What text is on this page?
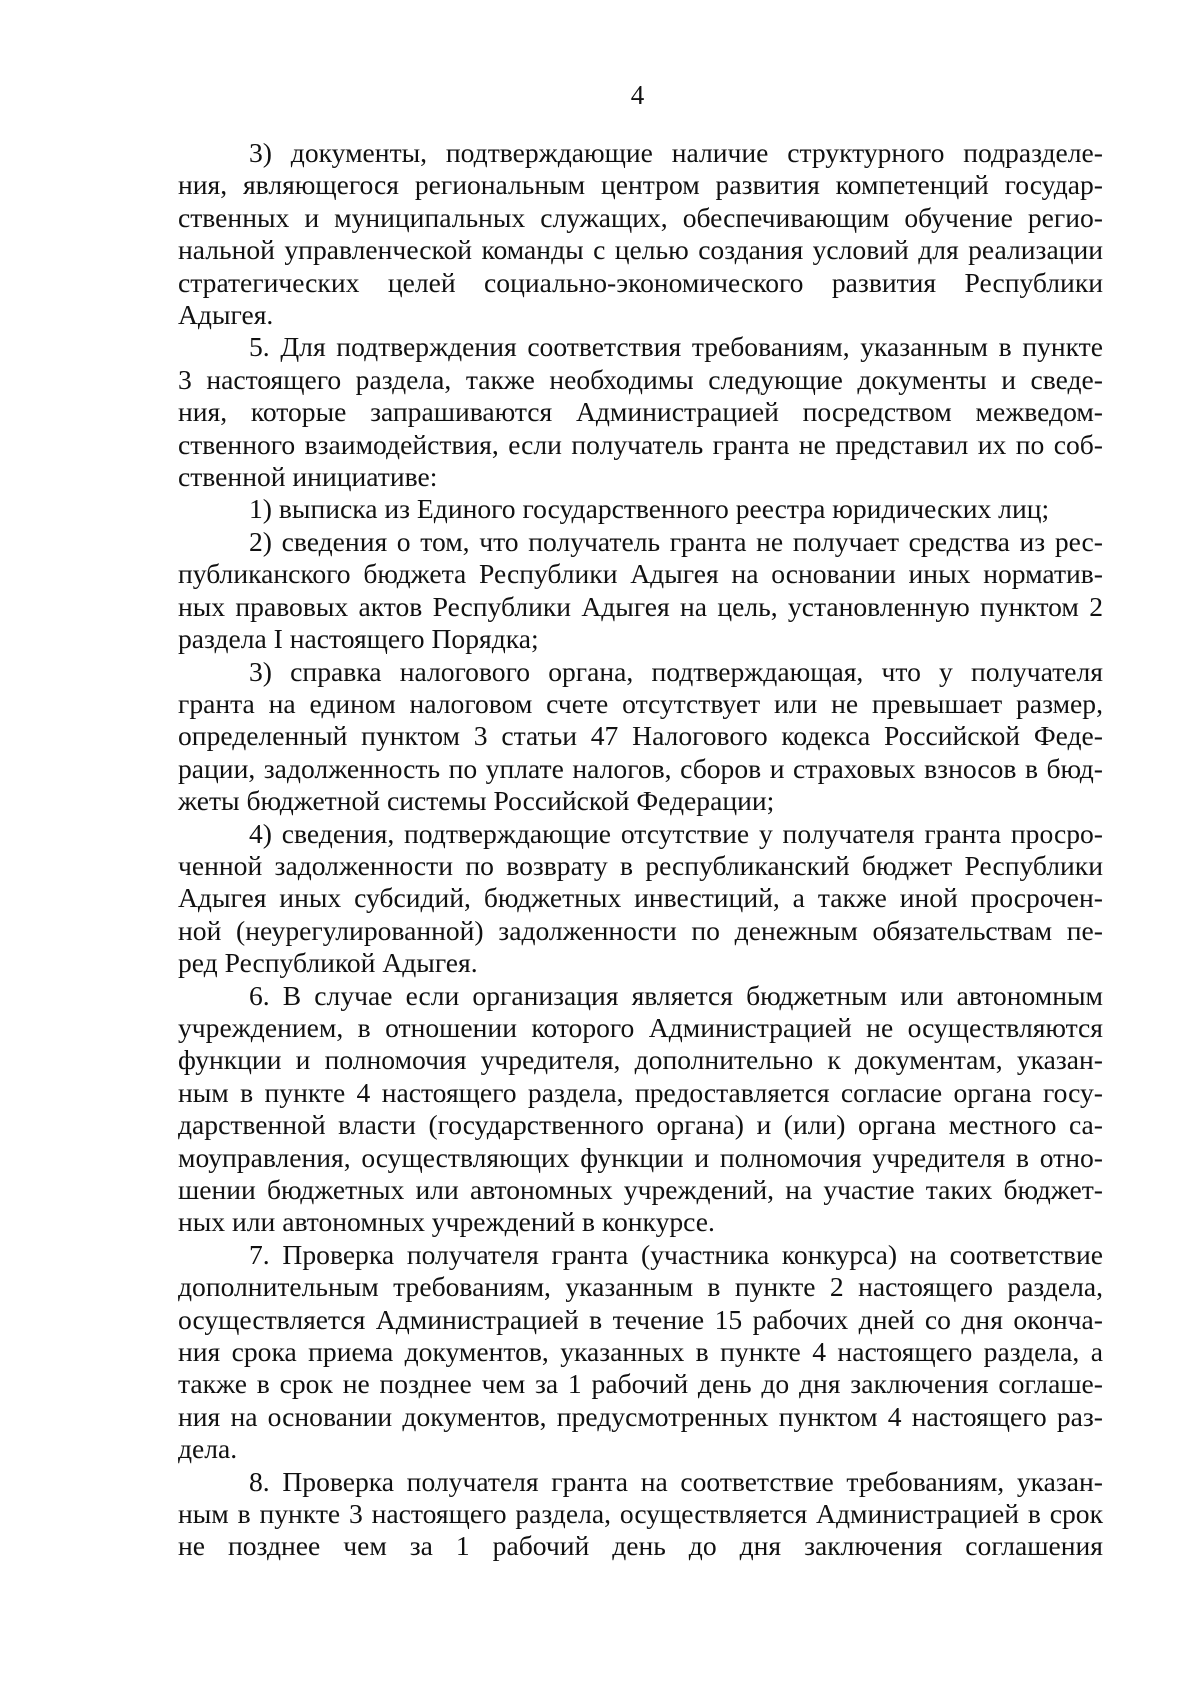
4
3) документы, подтверждающие наличие структурного подразделе-
ния, являющегося региональным центром развития компетенций государ-
ственных и муниципальных служащих, обеспечивающим обучение регио-
нальной управленческой команды с целью создания условий для реализации
стратегических целей социально-экономического развития Республики
Адыгея.
5. Для подтверждения соответствия требованиям, указанным в пункте
3 настоящего раздела, также необходимы следующие документы и сведе-
ния, которые запрашиваются Администрацией посредством межведом-
ственного взаимодействия, если получатель гранта не представил их по соб-
ственной инициативе:
1) выписка из Единого государственного реестра юридических лиц;
2) сведения о том, что получатель гранта не получает средства из рес-
публиканского бюджета Республики Адыгея на основании иных норматив-
ных правовых актов Республики Адыгея на цель, установленную пунктом 2
раздела I настоящего Порядка;
3) справка налогового органа, подтверждающая, что у получателя
гранта на едином налоговом счете отсутствует или не превышает размер,
определенный пунктом 3 статьи 47 Налогового кодекса Российской Феде-
рации, задолженность по уплате налогов, сборов и страховых взносов в бюд-
жеты бюджетной системы Российской Федерации;
4) сведения, подтверждающие отсутствие у получателя гранта просро-
ченной задолженности по возврату в республиканский бюджет Республики
Адыгея иных субсидий, бюджетных инвестиций, а также иной просрочен-
ной (неурегулированной) задолженности по денежным обязательствам пе-
ред Республикой Адыгея.
6. В случае если организация является бюджетным или автономным
учреждением, в отношении которого Администрацией не осуществляются
функции и полномочия учредителя, дополнительно к документам, указан-
ным в пункте 4 настоящего раздела, предоставляется согласие органа госу-
дарственной власти (государственного органа) и (или) органа местного са-
моуправления, осуществляющих функции и полномочия учредителя в отно-
шении бюджетных или автономных учреждений, на участие таких бюджет-
ных или автономных учреждений в конкурсе.
7. Проверка получателя гранта (участника конкурса) на соответствие
дополнительным требованиям, указанным в пункте 2 настоящего раздела,
осуществляется Администрацией в течение 15 рабочих дней со дня оконча-
ния срока приема документов, указанных в пункте 4 настоящего раздела, а
также в срок не позднее чем за 1 рабочий день до дня заключения соглаше-
ния на основании документов, предусмотренных пунктом 4 настоящего раз-
дела.
8. Проверка получателя гранта на соответствие требованиям, указан-
ным в пункте 3 настоящего раздела, осуществляется Администрацией в срок
не позднее чем за 1 рабочий день до дня заключения соглашения
